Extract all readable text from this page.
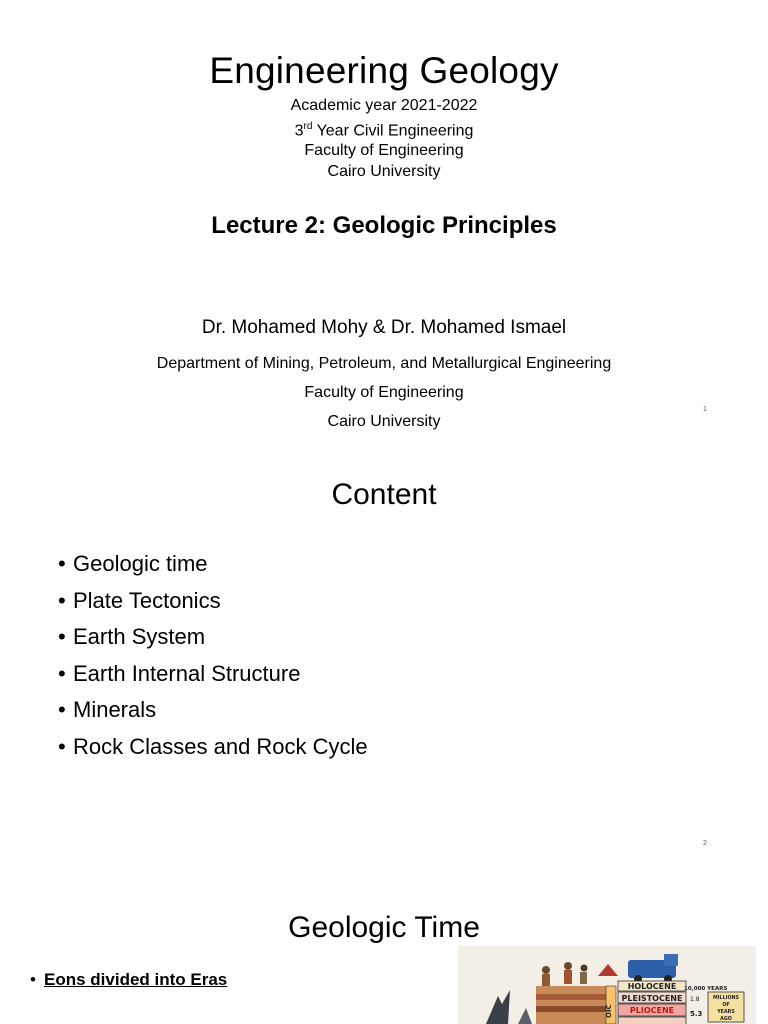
Engineering Geology
Academic year 2021-2022
3rd Year Civil Engineering
Faculty of Engineering
Cairo University
Lecture 2: Geologic Principles
Dr. Mohamed Mohy & Dr. Mohamed Ismael
Department of Mining, Petroleum, and Metallurgical Engineering
Faculty of Engineering
Cairo University
1
Content
• Geologic time
• Plate Tectonics
• Earth System
• Earth Internal Structure
• Minerals
• Rock Classes and Rock Cycle
2
Geologic Time
• Eons divided into Eras
OIC
HOLOCENE
PLEISTOCENE
PLIOCENE
10,000 YEARS
1.8
5.3
MILLIONS
OF
YEARS
AGO
